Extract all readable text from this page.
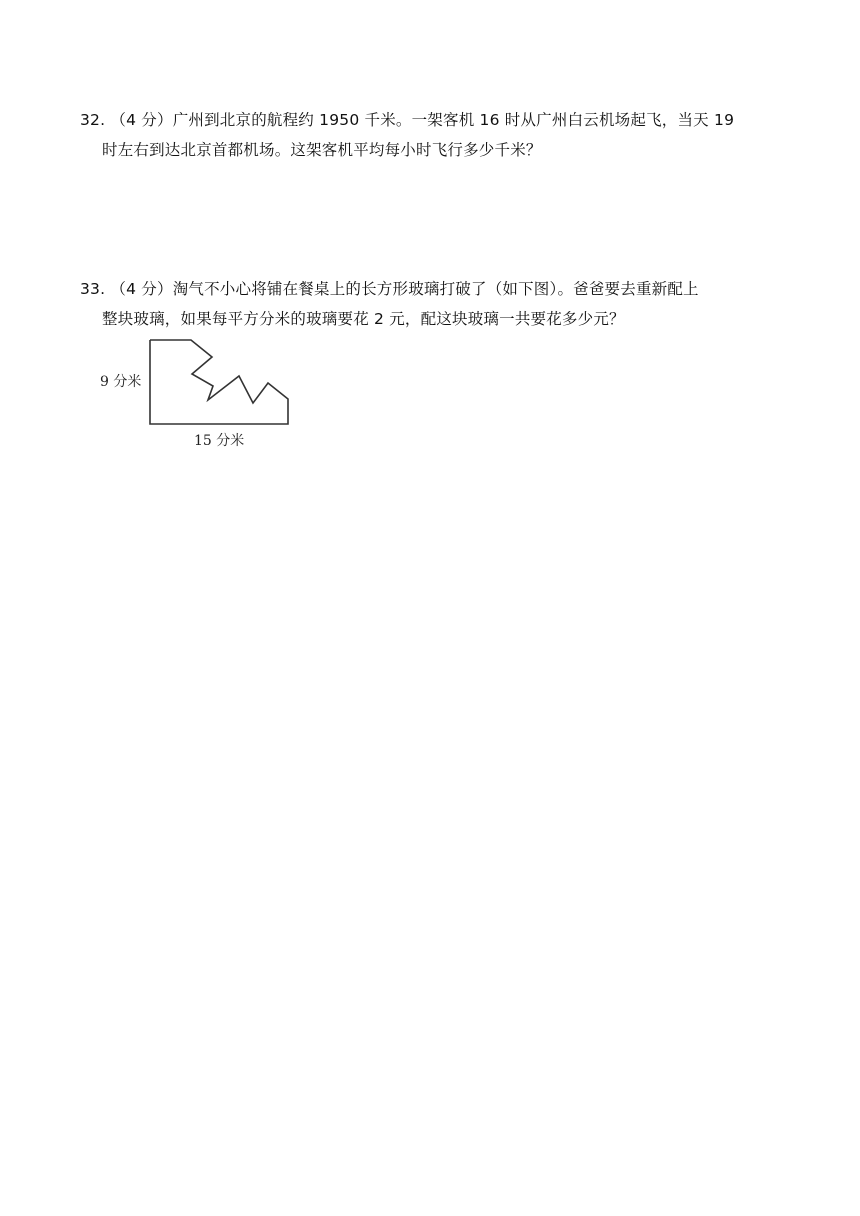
32. （4 分）广州到北京的航程约 1950 千米。一架客机 16 时从广州白云机场起飞，当天 19
时左右到达北京首都机场。这架客机平均每小时飞行多少千米？
33. （4 分）淘气不小心将铺在餐桌上的长方形玻璃打破了（如下图）。爸爸要去重新配上
整块玻璃，如果每平方分米的玻璃要花 2 元，配这块玻璃一共要花多少元？
9 分米
15 分米
